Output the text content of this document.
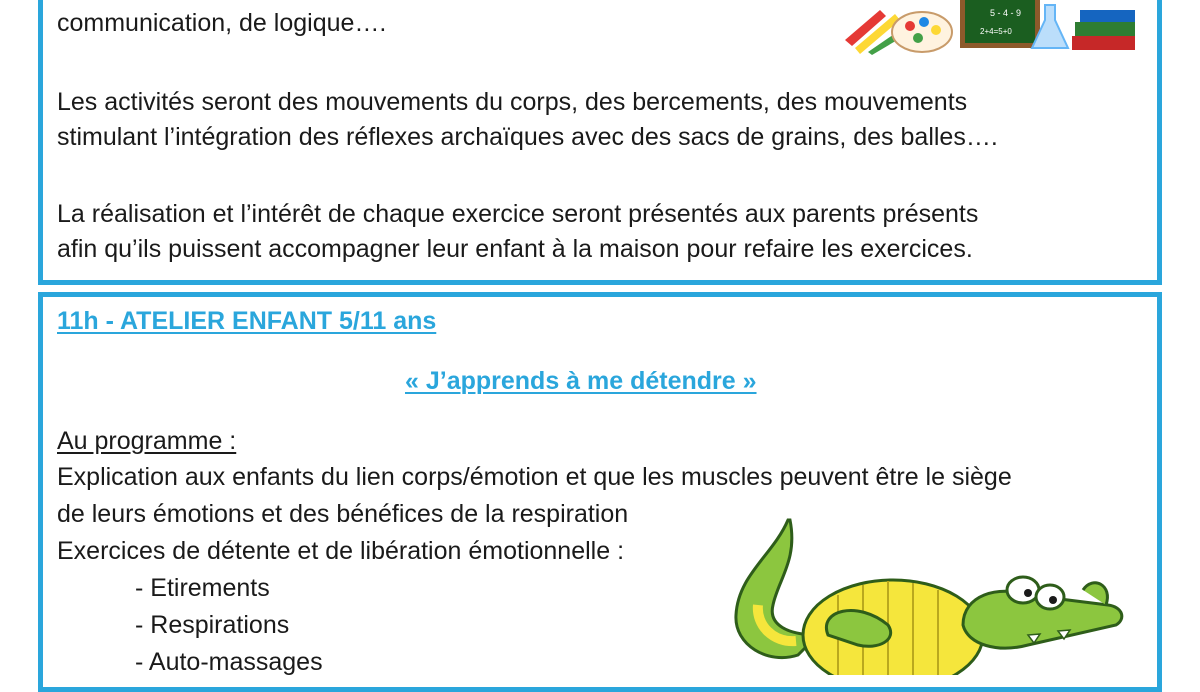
communication, de logique….
Les activités seront des mouvements du corps, des bercements, des mouvements
stimulant l’intégration des réflexes archaïques avec des sacs de grains, des balles….
La réalisation et l’intérêt de chaque exercice seront présentés aux parents présents
afin qu’ils puissent accompagner leur enfant à la maison pour refaire les exercices.
5 - 4 - 9
2+4=5+0
11h - ATELIER ENFANT 5/11 ans
« J’apprends à me détendre »
Au programme :
Explication aux enfants du lien corps/émotion et que les muscles peuvent être le siège
de leurs émotions et des bénéfices de la respiration
Exercices de détente et de libération émotionnelle :
- Etirements
- Respirations
- Auto-massages
